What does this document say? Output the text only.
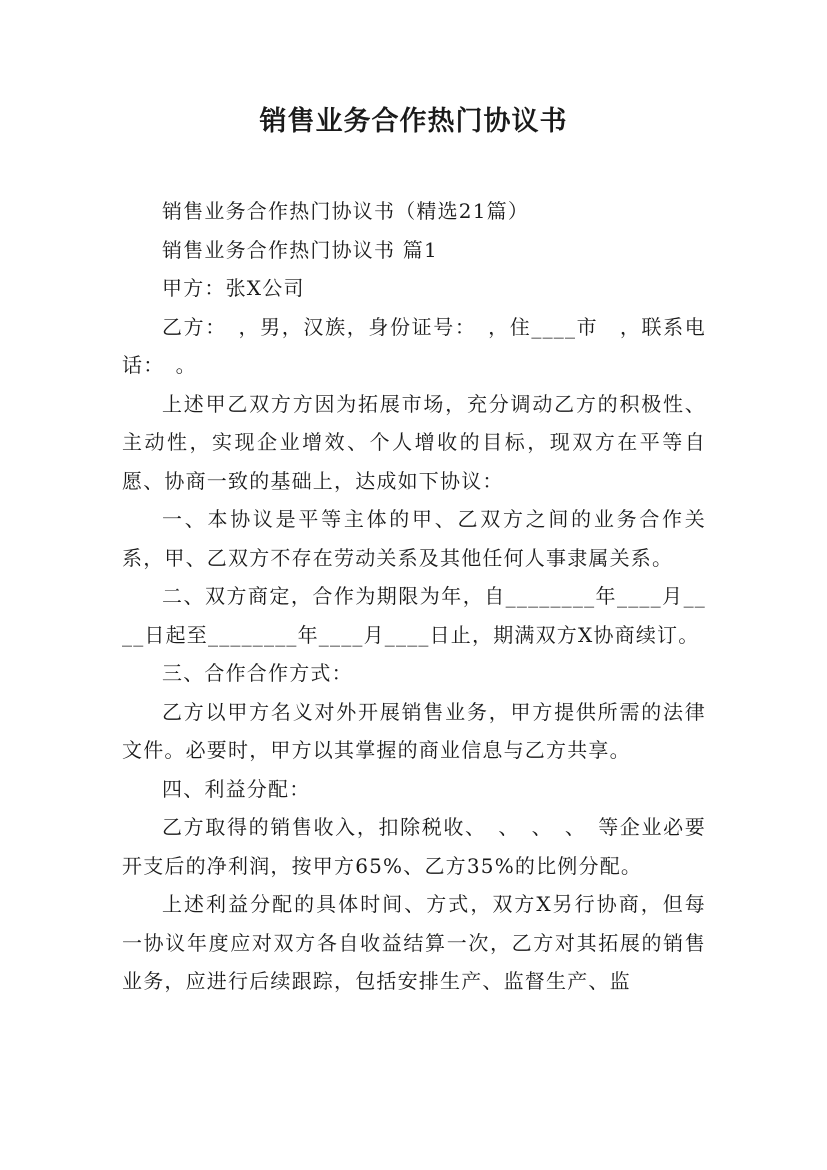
销售业务合作热门协议书

销售业务合作热门协议书（精选21篇）

销售业务合作热门协议书 篇1

甲方：张X公司

乙方：　，男，汉族，身份证号：　，住____市　，联系电话：　。

上述甲乙双方方因为拓展市场，充分调动乙方的积极性、主动性，实现企业增效、个人增收的目标，现双方在平等自愿、协商一致的基础上，达成如下协议：

一、本协议是平等主体的甲、乙双方之间的业务合作关系，甲、乙双方不存在劳动关系及其他任何人事隶属关系。

二、双方商定，合作为期限为年，自________年____月____日起至________年____月____日止，期满双方X协商续订。

三、合作合作方式：

乙方以甲方名义对外开展销售业务，甲方提供所需的法律文件。必要时，甲方以其掌握的商业信息与乙方共享。

四、利益分配：

乙方取得的销售收入，扣除税收、　、　、　、　等企业必要开支后的净利润，按甲方65%、乙方35%的比例分配。

上述利益分配的具体时间、方式，双方X另行协商，但每一协议年度应对双方各自收益结算一次，乙方对其拓展的销售业务，应进行后续跟踪，包括安排生产、监督生产、监
